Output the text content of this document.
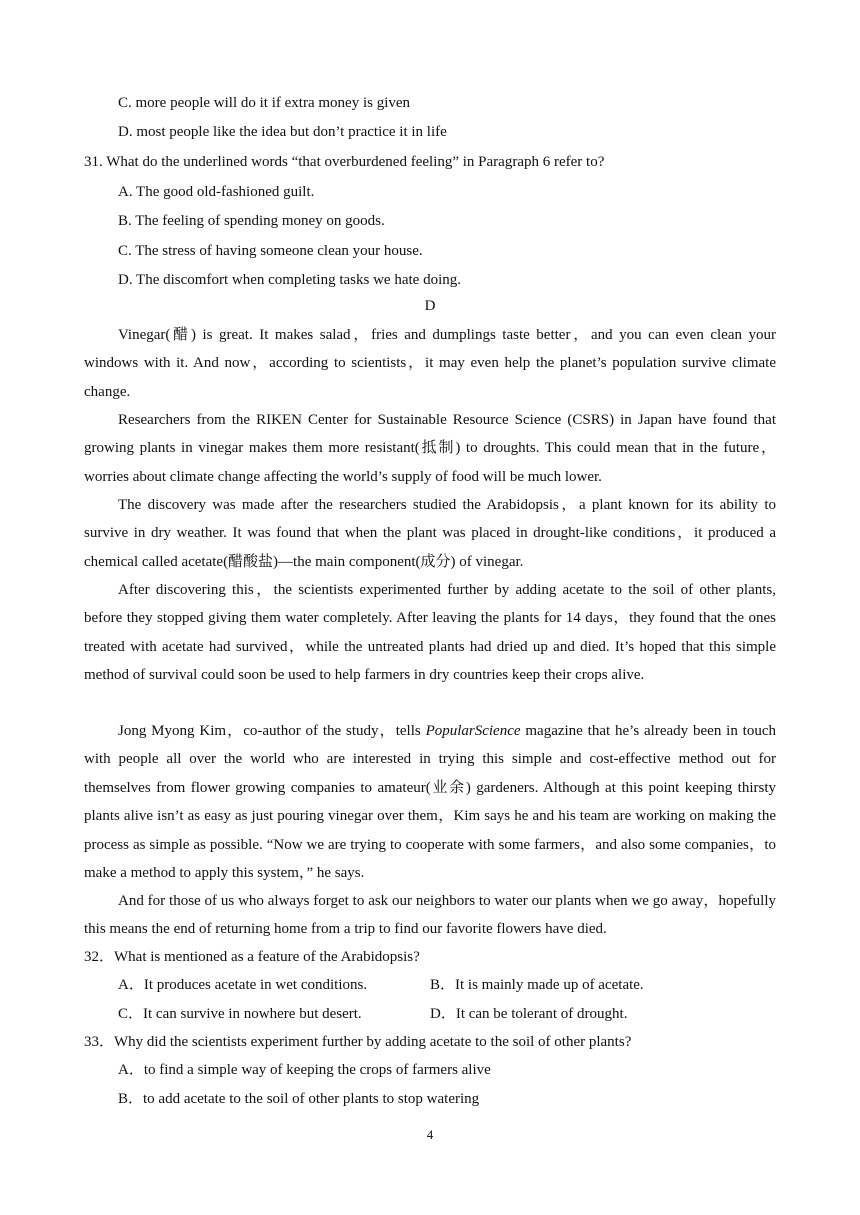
C. more people will do it if extra money is given
D. most people like the idea but don’t practice it in life
31. What do the underlined words “that overburdened feeling” in Paragraph 6 refer to?
A. The good old-fashioned guilt.
B. The feeling of spending money on goods.
C. The stress of having someone clean your house.
D. The discomfort when completing tasks we hate doing.
D

Vinegar(醋) is great. It makes salad，fries and dumplings taste better，and you can even clean your windows with it. And now，according to scientists，it may even help the planet’s population survive climate change.

Researchers from the RIKEN Center for Sustainable Resource Science (CSRS) in Japan have found that growing plants in vinegar makes them more resistant(抵制) to droughts. This could mean that in the future，worries about climate change affecting the world’s supply of food will be much lower.

The discovery was made after the researchers studied the Arabidopsis，a plant known for its ability to survive in dry weather. It was found that when the plant was placed in drought-like conditions，it produced a chemical called acetate(醋酸盐)—the main component(成分) of vinegar.

After discovering this，the scientists experimented further by adding acetate to the soil of other plants, before they stopped giving them water completely. After leaving the plants for 14 days，they found that the ones treated with acetate had survived，while the untreated plants had dried up and died. It’s hoped that this simple method of survival could soon be used to help farmers in dry countries keep their crops alive.

Jong Myong Kim，co-author of the study，tells PopularScience magazine that he’s already been in touch with people all over the world who are interested in trying this simple and cost-effective method out for themselves from flower growing companies to amateur(业余) gardeners. Although at this point keeping thirsty plants alive isn’t as easy as just pouring vinegar over them，Kim says he and his team are working on making the process as simple as possible. “Now we are trying to cooperate with some farmers，and also some companies，to make a method to apply this system，” he says.

And for those of us who always forget to ask our neighbors to water our plants when we go away，hopefully this means the end of returning home from a trip to find our favorite flowers have died.

32．What is mentioned as a feature of the Arabidopsis?
A．It produces acetate in wet conditions.	B．It is mainly made up of acetate.
C．It can survive in nowhere but desert.	D．It can be tolerant of drought.
33．Why did the scientists experiment further by adding acetate to the soil of other plants?
A．to find a simple way of keeping the crops of farmers alive
B．to add acetate to the soil of other plants to stop watering
4
